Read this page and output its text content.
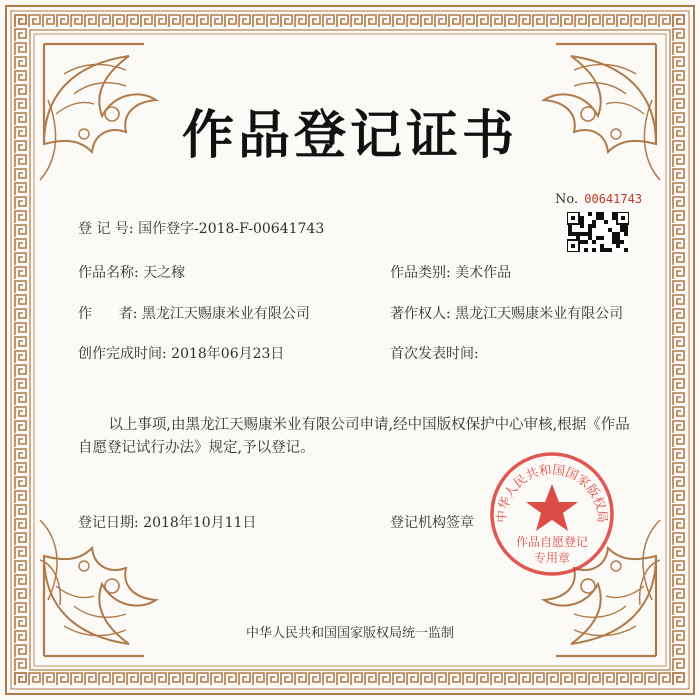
作品登记证书
No. 00641743
登 记 号: 国作登字-2018-F-00641743
作品名称: 天之稼	作品类别: 美术作品
作      者: 黑龙江天赐康米业有限公司	著作权人: 黑龙江天赐康米业有限公司
创作完成时间: 2018年06月23日	首次发表时间:

以上事项,由黑龙江天赐康米业有限公司申请,经中国版权保护中心审核,根据《作品自愿登记试行办法》规定,予以登记。

登记日期: 2018年10月11日	登记机构签章 中华人民共和国国家版权局
作品自愿登记
专用章
中华人民共和国国家版权局统一监制
